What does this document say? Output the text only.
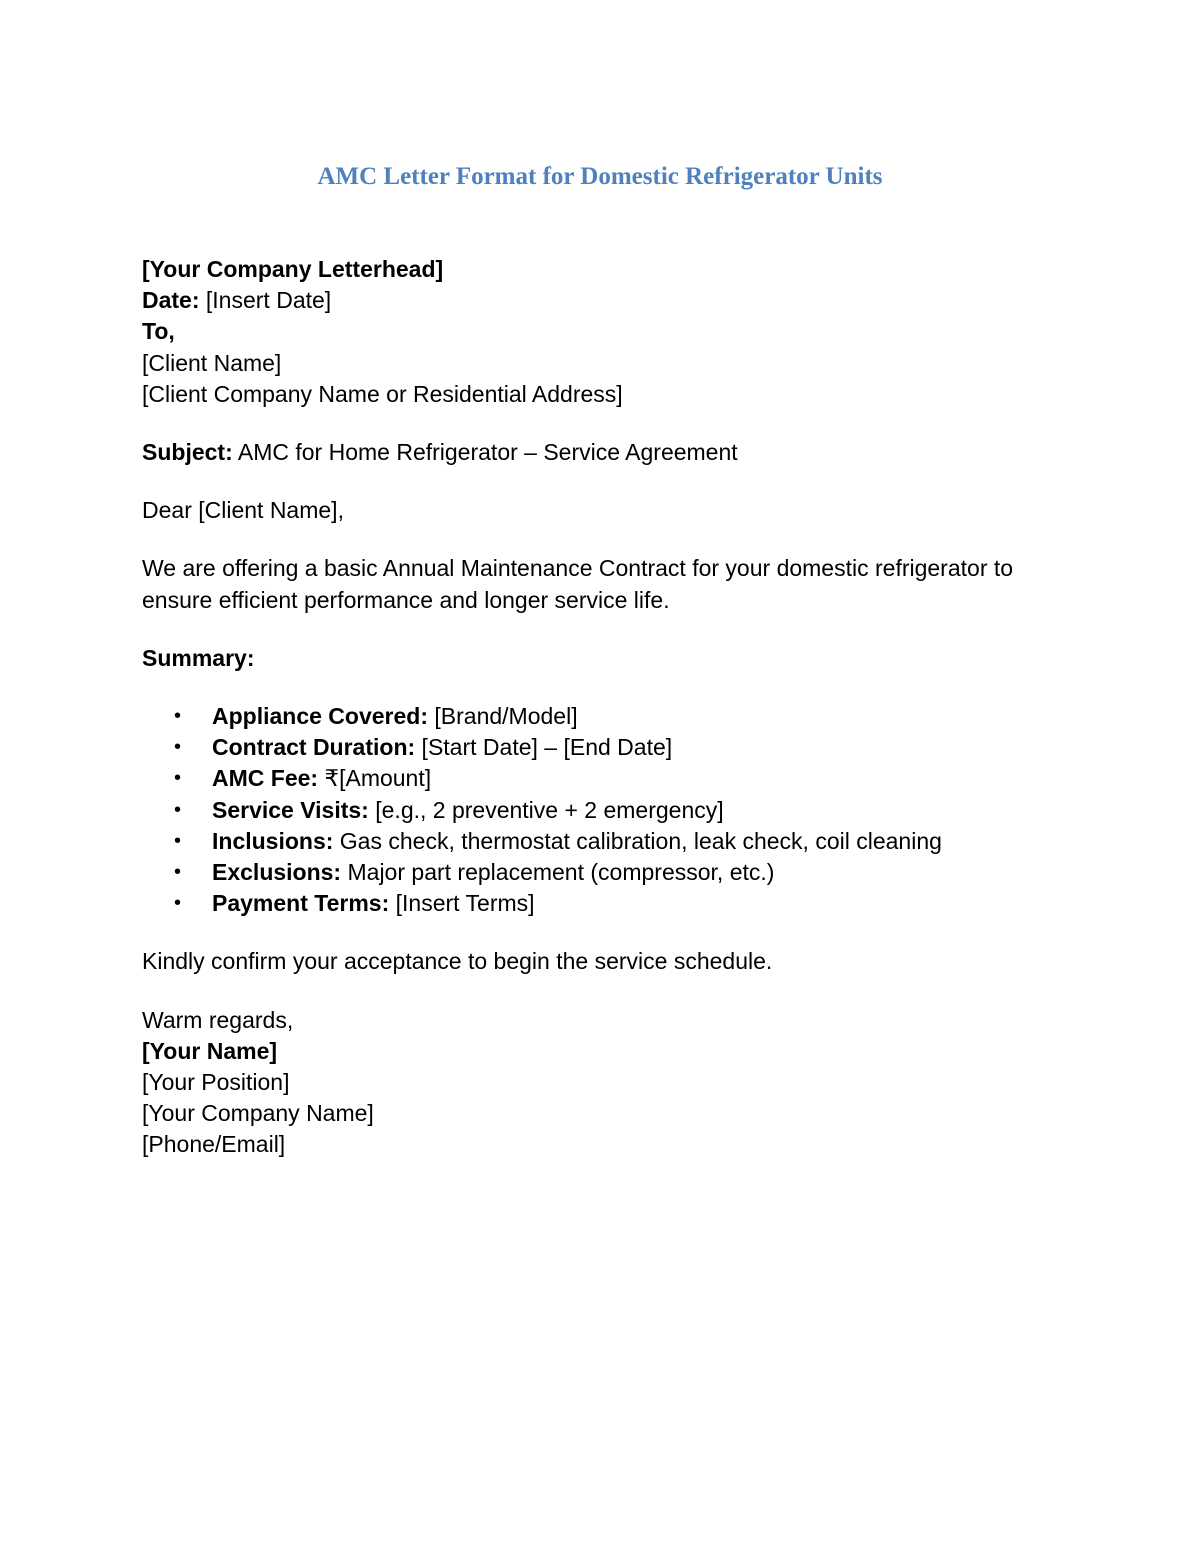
AMC Letter Format for Domestic Refrigerator Units
[Your Company Letterhead]
Date: [Insert Date]
To,
[Client Name]
[Client Company Name or Residential Address]
Subject: AMC for Home Refrigerator – Service Agreement
Dear [Client Name],
We are offering a basic Annual Maintenance Contract for your domestic refrigerator to
ensure efficient performance and longer service life.
Summary:
• Appliance Covered: [Brand/Model]
• Contract Duration: [Start Date] – [End Date]
• AMC Fee: ₹[Amount]
• Service Visits: [e.g., 2 preventive + 2 emergency]
• Inclusions: Gas check, thermostat calibration, leak check, coil cleaning
• Exclusions: Major part replacement (compressor, etc.)
• Payment Terms: [Insert Terms]
Kindly confirm your acceptance to begin the service schedule.
Warm regards,
[Your Name]
[Your Position]
[Your Company Name]
[Phone/Email]
